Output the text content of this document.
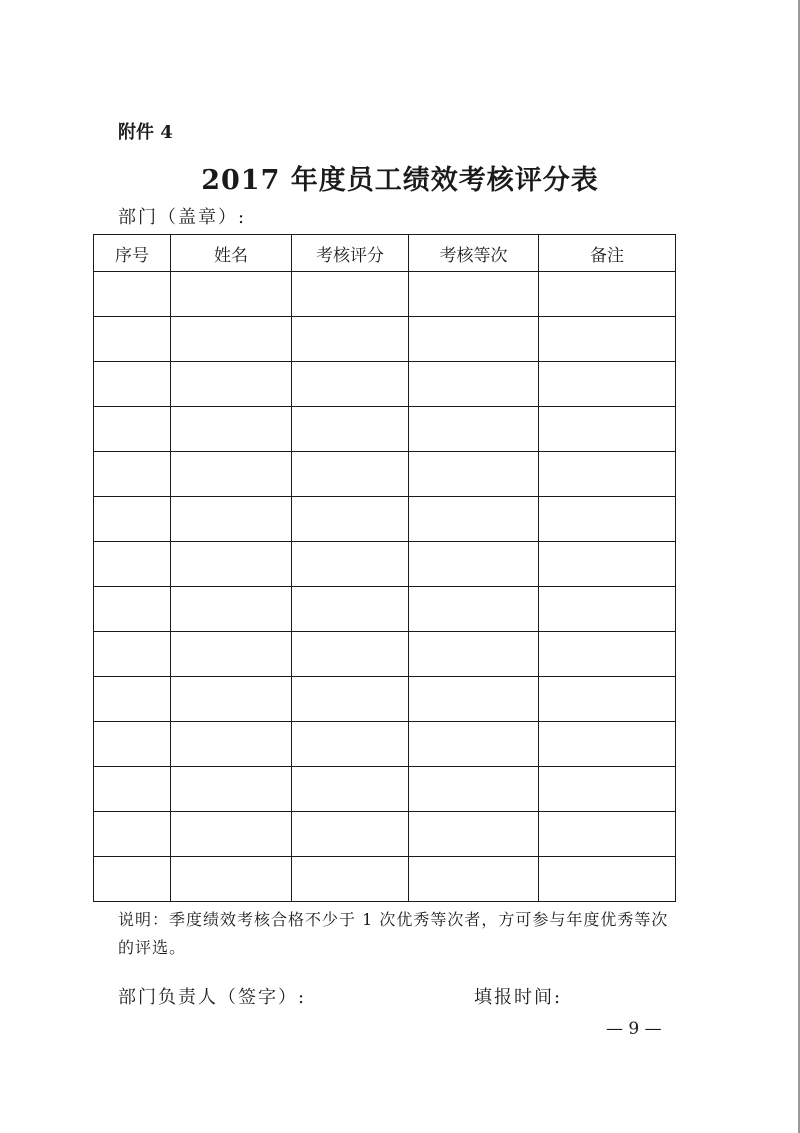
附件 4
2017 年度员工绩效考核评分表
部门（盖章）:
序号	姓名	考核评分	考核等次	备注

说明：季度绩效考核合格不少于 1 次优秀等次者，方可参与年度优秀等次的评选。
部门负责人（签字）:	填报时间:
— 9 —
